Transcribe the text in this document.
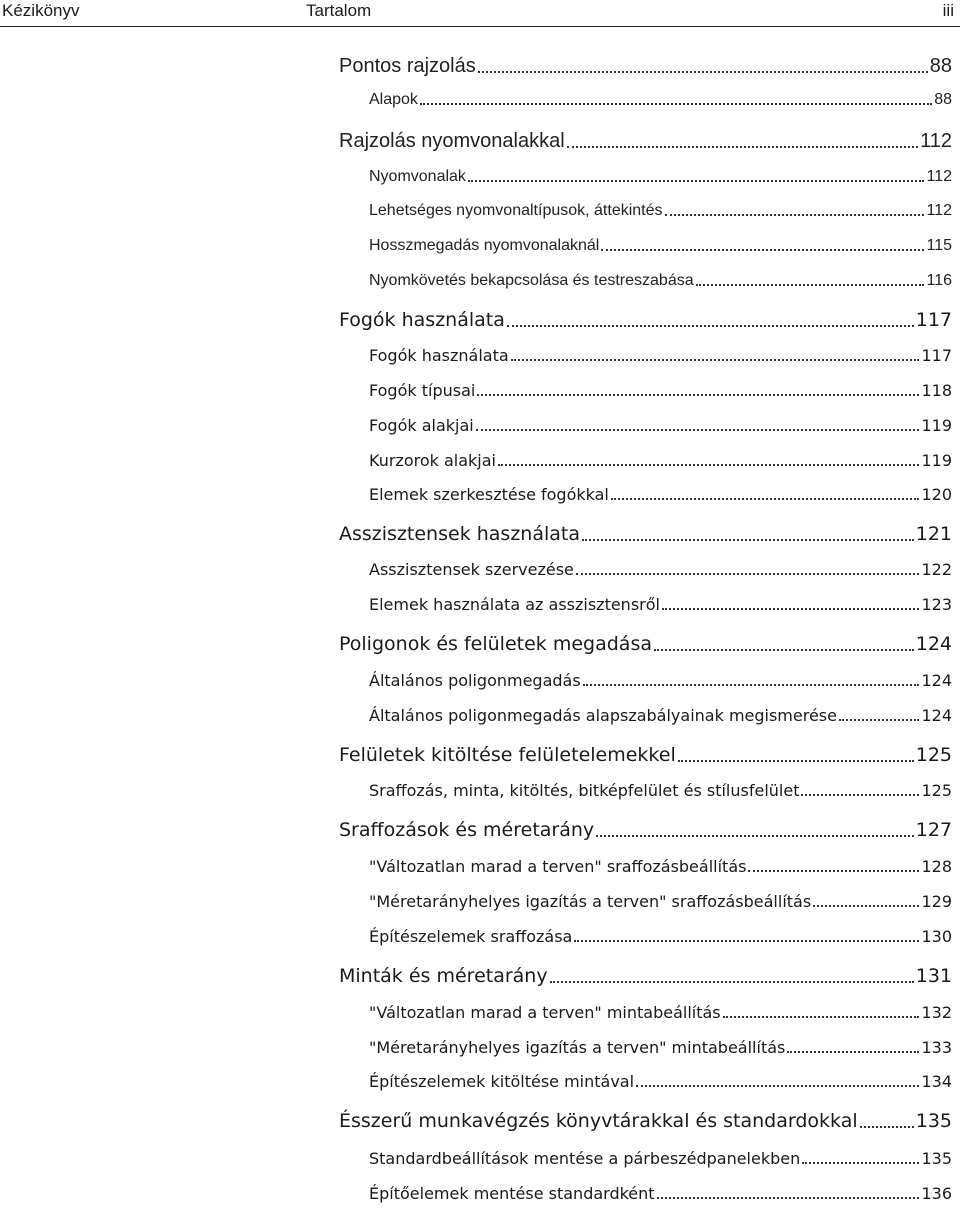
Kézikönyv	Tartalom	iii
Pontos rajzolás	88
Alapok	88
Rajzolás nyomvonalakkal	112
Nyomvonalak	112
Lehetséges nyomvonaltípusok, áttekintés	112
Hosszmegadás nyomvonalaknál	115
Nyomkövetés bekapcsolása és testreszabása	116
Fogók használata	117
Fogók használata	117
Fogók típusai	118
Fogók alakjai	119
Kurzorok alakjai	119
Elemek szerkesztése fogókkal	120
Asszisztensek használata	121
Asszisztensek szervezése	122
Elemek használata az asszisztensről	123
Poligonok és felületek megadása	124
Általános poligonmegadás	124
Általános poligonmegadás alapszabályainak megismerése	124
Felületek kitöltése felületelemekkel	125
Sraffozás, minta, kitöltés, bitképfelület és stílusfelület	125
Sraffozások és méretarány	127
"Változatlan marad a terven" sraffozásbeállítás	128
"Méretarányhelyes igazítás a terven" sraffozásbeállítás	129
Építészelemek sraffozása	130
Minták és méretarány	131
"Változatlan marad a terven" mintabeállítás	132
"Méretarányhelyes igazítás a terven" mintabeállítás	133
Építészelemek kitöltése mintával	134
Ésszerű munkavégzés könyvtárakkal és standardokkal	135
Standardbeállítások mentése a párbeszédpanelekben	135
Építőelemek mentése standardként	136
